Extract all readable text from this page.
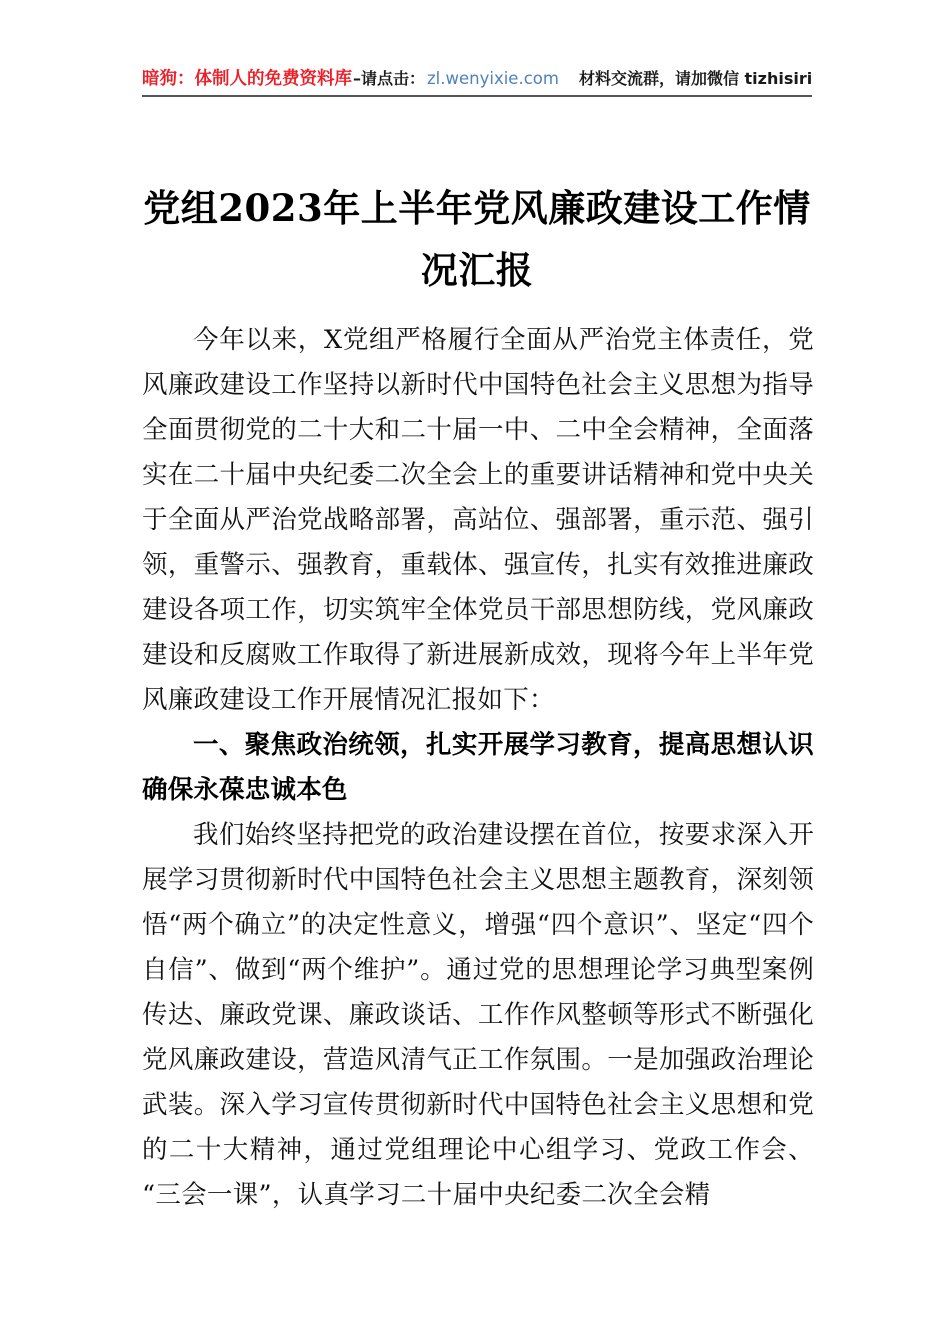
暗狗：体制人的免费资料库 –请点击： zl.wenyixie.com 材料交流群，请加微信 tizhisiri
党组2023年上半年党风廉政建设工作情况汇报

今年以来，X党组严格履行全面从严治党主体责任，党风廉政建设工作坚持以新时代中国特色社会主义思想为指导全面贯彻党的二十大和二十届一中、二中全会精神，全面落实在二十届中央纪委二次全会上的重要讲话精神和党中央关于全面从严治党战略部署，高站位、强部署，重示范、强引领，重警示、强教育，重载体、强宣传，扎实有效推进廉政建设各项工作，切实筑牢全体党员干部思想防线，党风廉政建设和反腐败工作取得了新进展新成效，现将今年上半年党风廉政建设工作开展情况汇报如下：

一、聚焦政治统领，扎实开展学习教育，提高思想认识确保永葆忠诚本色

我们始终坚持把党的政治建设摆在首位，按要求深入开展学习贯彻新时代中国特色社会主义思想主题教育，深刻领悟“两个确立”的决定性意义，增强“四个意识”、坚定“四个自信”、做到“两个维护”。通过党的思想理论学习典型案例传达、廉政党课、廉政谈话、工作作风整顿等形式不断强化党风廉政建设，营造风清气正工作氛围。一是加强政治理论武装。深入学习宣传贯彻新时代中国特色社会主义思想和党的二十大精神，通过党组理论中心组学习、党政工作会、“三会一课”，认真学习二十届中央纪委二次全会精
